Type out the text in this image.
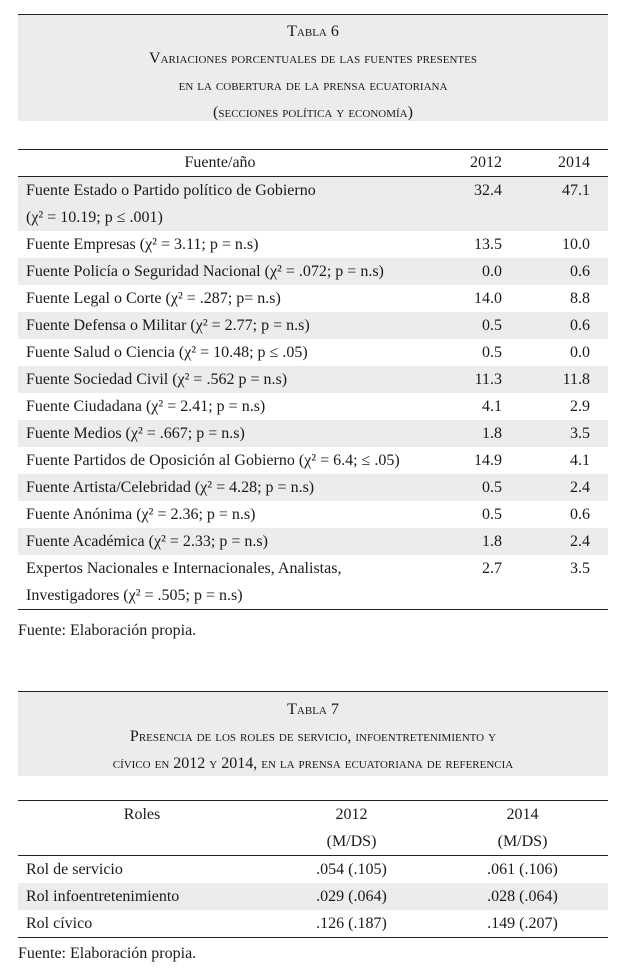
Tabla 6
Variaciones porcentuales de las fuentes presentes
en la cobertura de la prensa ecuatoriana
(secciones política y economía)
Fuente/año	2012	2014

Fuente Estado o Partido político de Gobierno
(χ² = 10.19; p ≤ .001)	32.4	47.1

Fuente Empresas (χ² = 3.11; p = n.s)	13.5	10.0

Fuente Policía o Seguridad Nacional (χ² = .072; p = n.s)	0.0	0.6

Fuente Legal o Corte (χ² = .287; p= n.s)	14.0	8.8

Fuente Defensa o Militar (χ² = 2.77; p = n.s)	0.5	0.6

Fuente Salud o Ciencia (χ² = 10.48; p ≤ .05)	0.5	0.0

Fuente Sociedad Civil (χ² = .562 p = n.s)	11.3	11.8

Fuente Ciudadana (χ² = 2.41; p = n.s)	4.1	2.9

Fuente Medios (χ² = .667; p = n.s)	1.8	3.5

Fuente Partidos de Oposición al Gobierno (χ² = 6.4; ≤ .05)	14.9	4.1

Fuente Artista/Celebridad (χ² = 4.28; p = n.s)	0.5	2.4

Fuente Anónima (χ² = 2.36; p = n.s)	0.5	0.6

Fuente Académica (χ² = 2.33; p = n.s)	1.8	2.4

Expertos Nacionales e Internacionales, Analistas,
Investigadores (χ² = .505; p = n.s)	2.7	3.5
Fuente: Elaboración propia.
Tabla 7
Presencia de los roles de servicio, infoentretenimiento y
cívico en 2012 y 2014, en la prensa ecuatoriana de referencia
Roles	2012	2014
	(M/DS)	(M/DS)
Rol de servicio	.054 (.105)	.061 (.106)
Rol infoentretenimiento	.029 (.064)	.028 (.064)
Rol cívico	.126 (.187)	.149 (.207)
Fuente: Elaboración propia.
